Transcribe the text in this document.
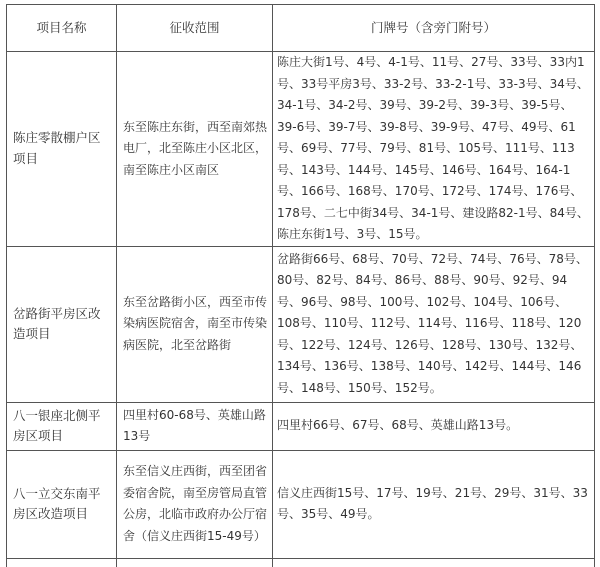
项目名称	征收范围	门牌号（含旁门附号）
陈庄零散棚户区项目	东至陈庄东街，西至南郊热电厂，北至陈庄小区北区，南至陈庄小区南区	陈庄大街1号、4号、4-1号、11号、27号、33号、33内1号、33号平房3号、33-2号、33-2-1号、33-3号、34号、34-1号、34-2号、39号、39-2号、39-3号、39-5号、39-6号、39-7号、39-8号、39-9号、47号、49号、61号、69号、77号、79号、81号、105号、111号、113号、143号、144号、145号、146号、164号、164-1号、166号、168号、170号、172号、174号、176号、178号、二七中街34号、34-1号、建设路82-1号、84号、陈庄东街1号、3号、15号。
岔路街平房区改造项目	东至岔路街小区，西至市传染病医院宿舍，南至市传染病医院，北至岔路街	岔路街66号、68号、70号、72号、74号、76号、78号、80号、82号、84号、86号、88号、90号、92号、94号、96号、98号、100号、102号、104号、106号、108号、110号、112号、114号、116号、118号、120号、122号、124号、126号、128号、130号、132号、134号、136号、138号、140号、142号、144号、146号、148号、150号、152号。
八一银座北侧平房区项目	四里村60-68号、英雄山路13号	四里村66号、67号、68号、英雄山路13号。
八一立交东南平房区改造项目	东至信义庄西街，西至团省委宿舍院，南至房管局直管公房，北临市政府办公厅宿舍（信义庄西街15-49号）	信义庄西街15号、17号、19号、21号、29号、31号、33号、35号、49号。
